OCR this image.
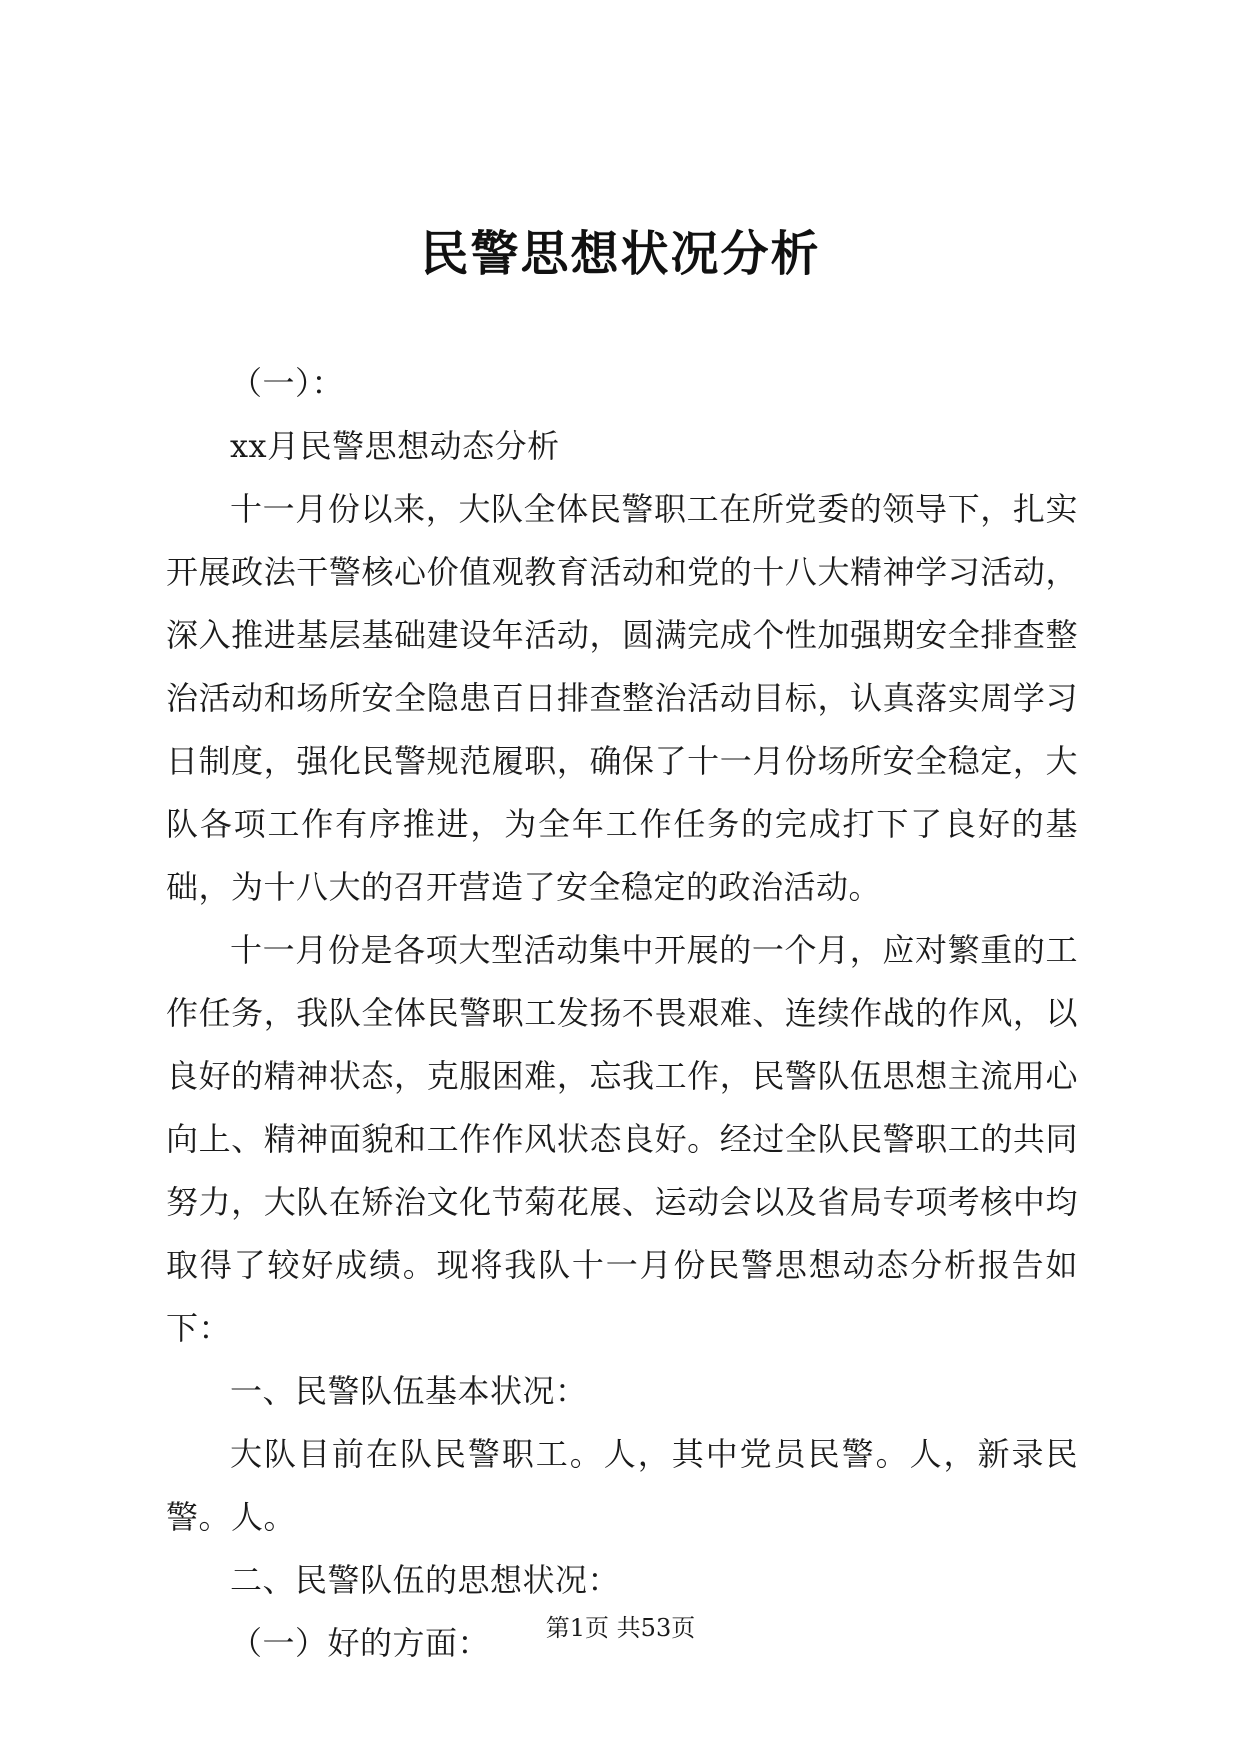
民警思想状况分析

（一）：

xx月民警思想动态分析

十一月份以来，大队全体民警职工在所党委的领导下，扎实开展政法干警核心价值观教育活动和党的十八大精神学习活动，深入推进基层基础建设年活动，圆满完成个性加强期安全排查整治活动和场所安全隐患百日排查整治活动目标，认真落实周学习日制度，强化民警规范履职，确保了十一月份场所安全稳定，大队各项工作有序推进，为全年工作任务的完成打下了良好的基础，为十八大的召开营造了安全稳定的政治活动。

十一月份是各项大型活动集中开展的一个月，应对繁重的工作任务，我队全体民警职工发扬不畏艰难、连续作战的作风，以良好的精神状态，克服困难，忘我工作，民警队伍思想主流用心向上、精神面貌和工作作风状态良好。经过全队民警职工的共同努力，大队在矫治文化节菊花展、运动会以及省局专项考核中均取得了较好成绩。现将我队十一月份民警思想动态分析报告如下：

一、民警队伍基本状况：

大队目前在队民警职工。人，其中党员民警。人，新录民警。人。

二、民警队伍的思想状况：

（一）好的方面：	第1页 共53页
